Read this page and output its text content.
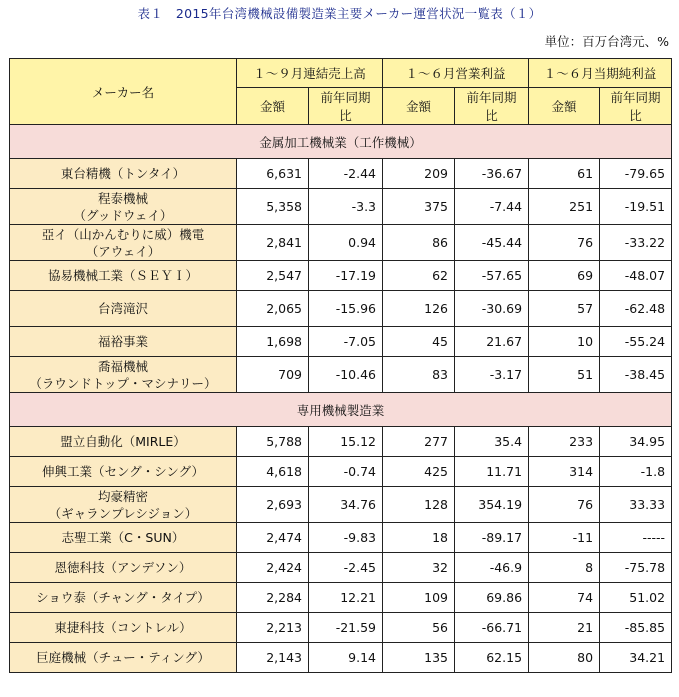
表１　2015年台湾機械設備製造業主要メーカー運営状況一覧表（１）
単位：百万台湾元、%
メーカー名	１～９月連結売上高		１～６月営業利益		１～６月当期純利益	
	金額	前年同期比	金額	前年同期比	金額	前年同期比
金属加工機械業（工作機械）						

東台精機（トンタイ）	6,631	-2.44	209	-36.67	61	-79.65

程泰機械
（グッドウェイ）	5,358	-3.3	375	-7.44	251	-19.51

亞イ（山かんむりに威）機電
（アウェイ）	2,841	0.94	86	-45.44	76	-33.22

協易機械工業（ＳＥＹＩ）	2,547	-17.19	62	-57.65	69	-48.07

台湾滝沢	2,065	-15.96	126	-30.69	57	-62.48

福裕事業	1,698	-7.05	45	21.67	10	-55.24

喬福機械
（ラウンドトップ・マシナリー）	709	-10.46	83	-3.17	51	-38.45
専用機械製造業						

盟立自動化（MIRLE）	5,788	15.12	277	35.4	233	34.95

伸興工業（セング・シング）	4,618	-0.74	425	11.71	314	-1.8

均豪精密
（ギャランプレシジョン）	2,693	34.76	128	354.19	76	33.33

志聖工業（C・SUN）	2,474	-9.83	18	-89.17	-11	-----

恩徳科技（アンデソン）	2,424	-2.45	32	-46.9	8	-75.78

ショウ泰（チャング・タイプ）	2,284	12.21	109	69.86	74	51.02

東捷科技（コントレル）	2,213	-21.59	56	-66.71	21	-85.85

巨庭機械（チュー・ティング）	2,143	9.14	135	62.15	80	34.21
